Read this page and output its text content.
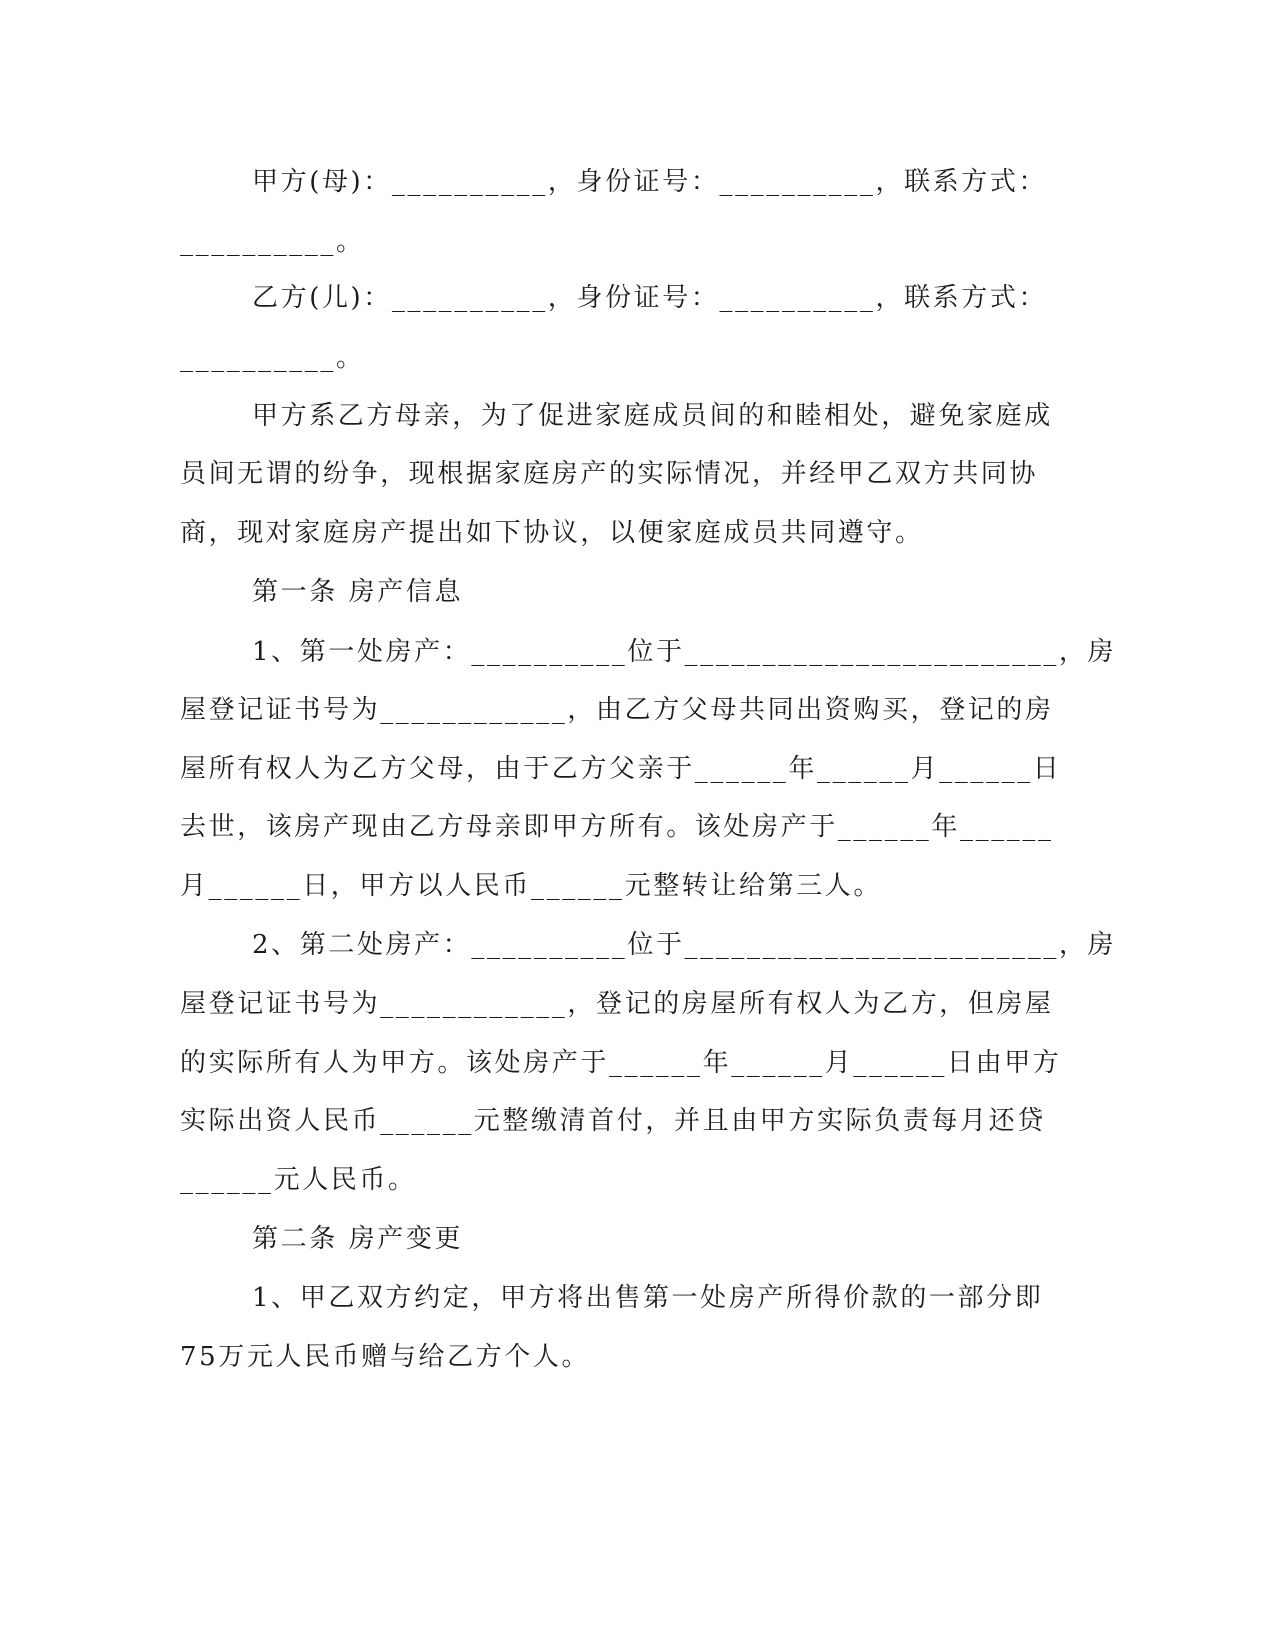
甲方(母)：__________，身份证号：__________，联系方式：
__________。
乙方(儿)：__________，身份证号：__________，联系方式：
__________。
甲方系乙方母亲，为了促进家庭成员间的和睦相处，避免家庭成
员间无谓的纷争，现根据家庭房产的实际情况，并经甲乙双方共同协
商，现对家庭房产提出如下协议，以便家庭成员共同遵守。
第一条 房产信息
1、第一处房产：__________位于________________________，房
屋登记证书号为____________，由乙方父母共同出资购买，登记的房
屋所有权人为乙方父母，由于乙方父亲于______年______月______日
去世，该房产现由乙方母亲即甲方所有。该处房产于______年______
月______日，甲方以人民币______元整转让给第三人。
2、第二处房产：__________位于________________________，房
屋登记证书号为____________，登记的房屋所有权人为乙方，但房屋
的实际所有人为甲方。该处房产于______年______月______日由甲方
实际出资人民币______元整缴清首付，并且由甲方实际负责每月还贷
______元人民币。
第二条 房产变更
1、甲乙双方约定，甲方将出售第一处房产所得价款的一部分即
75万元人民币赠与给乙方个人。
